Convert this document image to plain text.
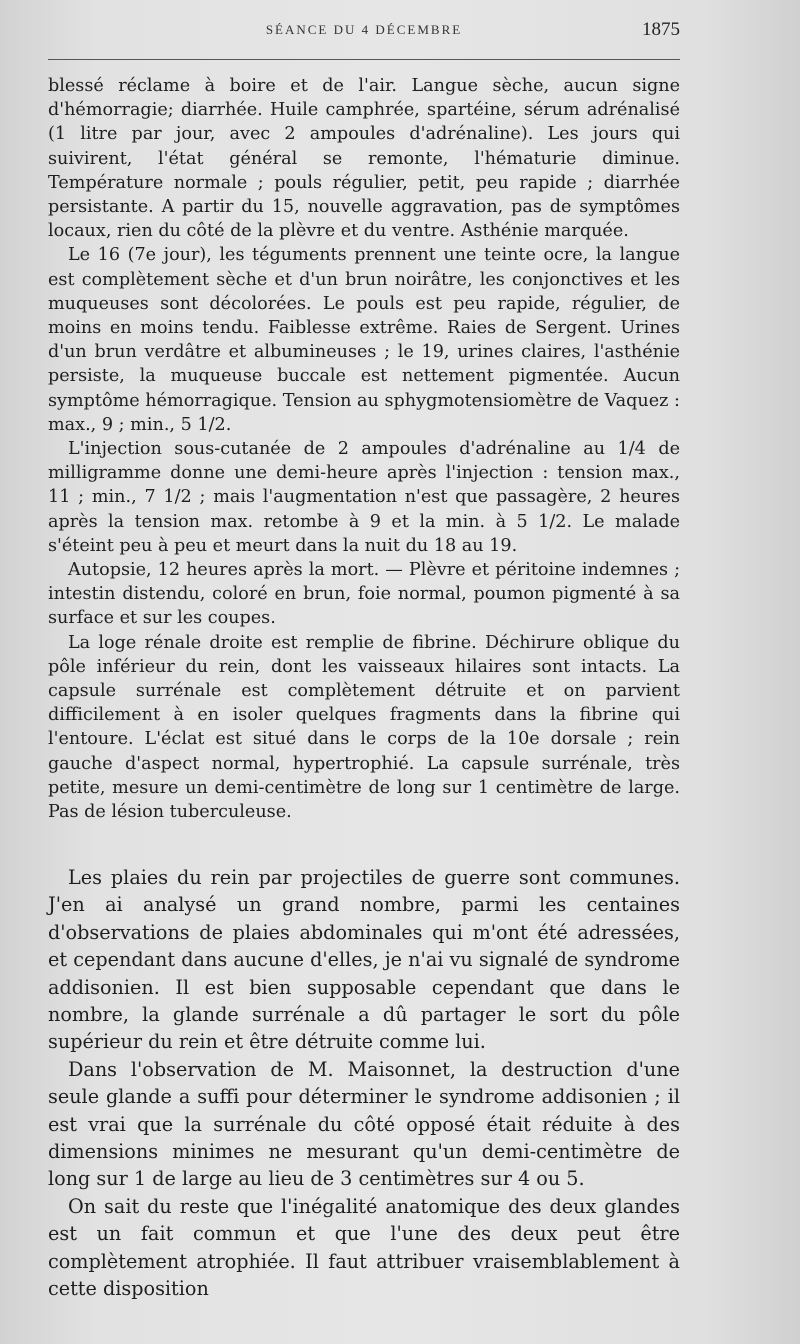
SÉANCE DU 4 DÉCEMBRE	1875

blessé réclame à boire et de l'air. Langue sèche, aucun signe d'hémorragie; diarrhée. Huile camphrée, spartéine, sérum adrénalisé (1 litre par jour, avec 2 ampoules d'adrénaline). Les jours qui suivirent, l'état général se remonte, l'hématurie diminue. Température normale ; pouls régulier, petit, peu rapide ; diarrhée persistante. A partir du 15, nouvelle aggravation, pas de symptômes locaux, rien du côté de la plèvre et du ventre. Asthénie marquée.

Le 16 (7e jour), les téguments prennent une teinte ocre, la langue est complètement sèche et d'un brun noirâtre, les conjonctives et les muqueuses sont décolorées. Le pouls est peu rapide, régulier, de moins en moins tendu. Faiblesse extrême. Raies de Sergent. Urines d'un brun verdâtre et albumineuses ; le 19, urines claires, l'asthénie persiste, la muqueuse buccale est nettement pigmentée. Aucun symptôme hémorragique. Tension au sphygmotensiomètre de Vaquez : max., 9 ; min., 5 1/2.

L'injection sous-cutanée de 2 ampoules d'adrénaline au 1/4 de milligramme donne une demi-heure après l'injection : tension max., 11 ; min., 7 1/2 ; mais l'augmentation n'est que passagère, 2 heures après la tension max. retombe à 9 et la min. à 5 1/2. Le malade s'éteint peu à peu et meurt dans la nuit du 18 au 19.

Autopsie, 12 heures après la mort. — Plèvre et péritoine indemnes ; intestin distendu, coloré en brun, foie normal, poumon pigmenté à sa surface et sur les coupes.

La loge rénale droite est remplie de fibrine. Déchirure oblique du pôle inférieur du rein, dont les vaisseaux hilaires sont intacts. La capsule surrénale est complètement détruite et on parvient difficilement à en isoler quelques fragments dans la fibrine qui l'entoure. L'éclat est situé dans le corps de la 10e dorsale ; rein gauche d'aspect normal, hypertrophié. La capsule surrénale, très petite, mesure un demi-centimètre de long sur 1 centimètre de large. Pas de lésion tuberculeuse.

Les plaies du rein par projectiles de guerre sont communes. J'en ai analysé un grand nombre, parmi les centaines d'observations de plaies abdominales qui m'ont été adressées, et cependant dans aucune d'elles, je n'ai vu signalé de syndrome addisonien. Il est bien supposable cependant que dans le nombre, la glande surrénale a dû partager le sort du pôle supérieur du rein et être détruite comme lui.

Dans l'observation de M. Maisonnet, la destruction d'une seule glande a suffi pour déterminer le syndrome addisonien ; il est vrai que la surrénale du côté opposé était réduite à des dimensions minimes ne mesurant qu'un demi-centimètre de long sur 1 de large au lieu de 3 centimètres sur 4 ou 5.

On sait du reste que l'inégalité anatomique des deux glandes est un fait commun et que l'une des deux peut être complètement atrophiée. Il faut attribuer vraisemblablement à cette disposition
